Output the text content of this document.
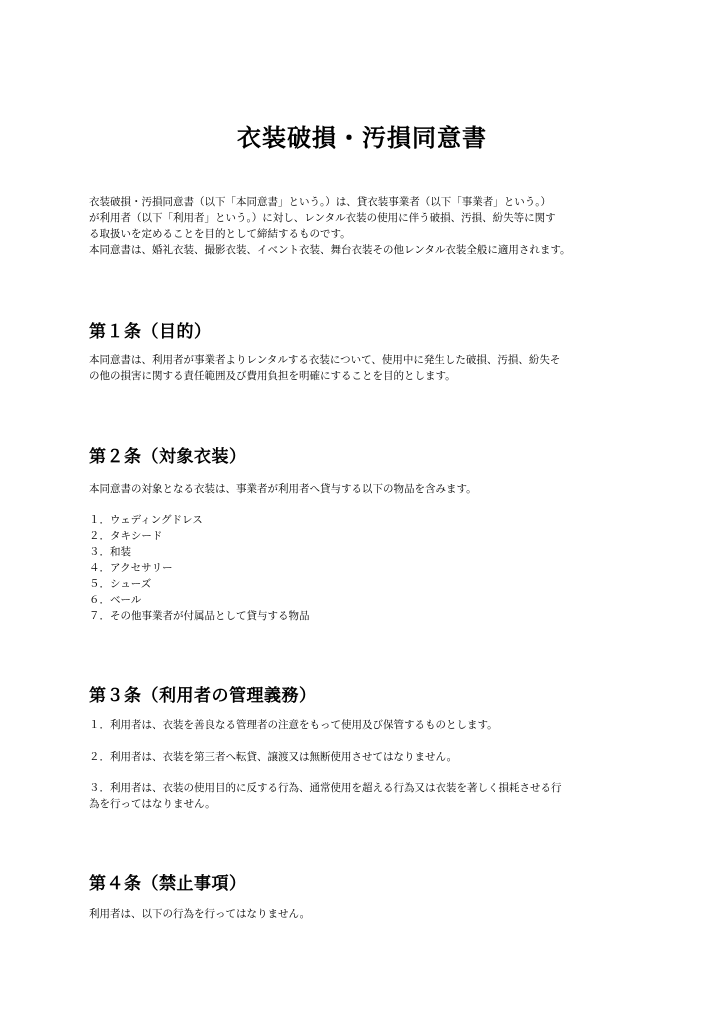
衣装破損・汚損同意書
衣装破損・汚損同意書（以下「本同意書」という。）は、貸衣装事業者（以下「事業者」という。）
が利用者（以下「利用者」という。）に対し、レンタル衣装の使用に伴う破損、汚損、紛失等に関す
る取扱いを定めることを目的として締結するものです。
本同意書は、婚礼衣装、撮影衣装、イベント衣装、舞台衣装その他レンタル衣装全般に適用されます。
第１条（目的）
本同意書は、利用者が事業者よりレンタルする衣装について、使用中に発生した破損、汚損、紛失そ
の他の損害に関する責任範囲及び費用負担を明確にすることを目的とします。
第２条（対象衣装）
本同意書の対象となる衣装は、事業者が利用者へ貸与する以下の物品を含みます。
１．ウェディングドレス
２．タキシード
３．和装
４．アクセサリー
５．シューズ
６．ベール
７．その他事業者が付属品として貸与する物品
第３条（利用者の管理義務）
１．利用者は、衣装を善良なる管理者の注意をもって使用及び保管するものとします。
２．利用者は、衣装を第三者へ転貸、譲渡又は無断使用させてはなりません。
３．利用者は、衣装の使用目的に反する行為、通常使用を超える行為又は衣装を著しく損耗させる行
為を行ってはなりません。
第４条（禁止事項）
利用者は、以下の行為を行ってはなりません。
